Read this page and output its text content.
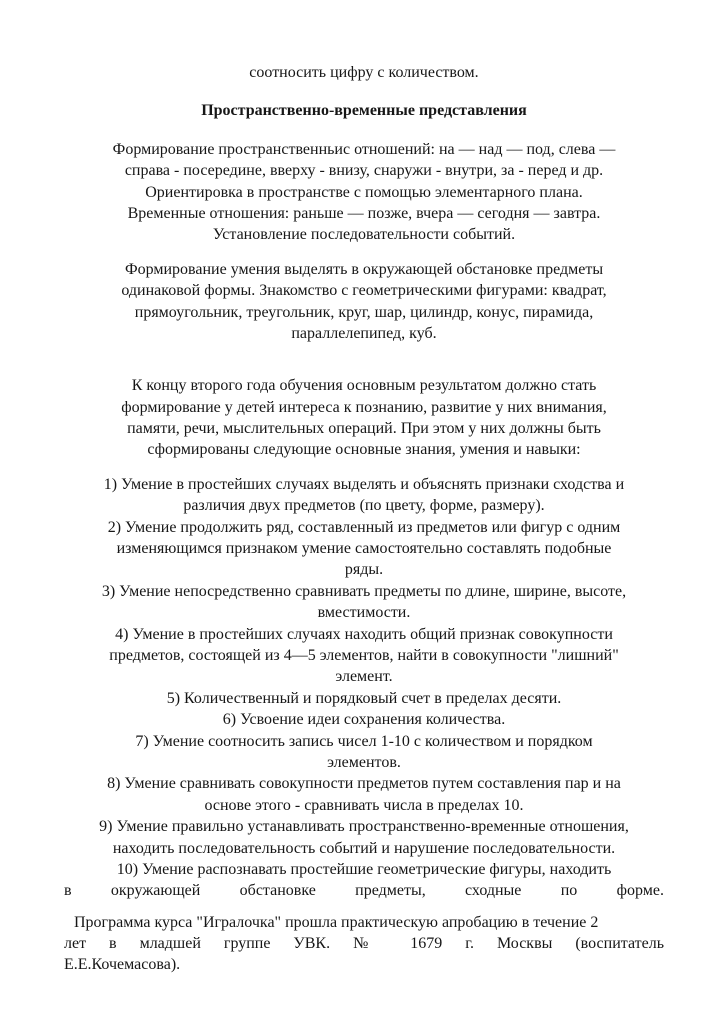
соотносить цифру с количеством.
Пространственно-временные представления
Формирование пространственньис отношений: на — над — под, слева —
справа - посередине, вверху - внизу, снаружи - внутри, за - перед и др.
Ориентировка в пространстве с помощью элементарного плана.
Временные отношения: раньше — позже, вчера — сегодня — завтра.
Установление последовательности событий.
Формирование умения выделять в окружающей обстановке предметы
одинаковой формы. Знакомство с геометрическими фигурами: квадрат,
прямоугольник, треугольник, круг, шар, цилиндр, конус, пирамида,
параллелепипед, куб.
К концу второго года обучения основным результатом должно стать
формирование у детей интереса к познанию, развитие у них внимания,
памяти, речи, мыслительных операций. При этом у них должны быть
сформированы следующие основные знания, умения и навыки:
1) Умение в простейших случаях выделять и объяснять признаки сходства и
различия двух предметов (по цвету, форме, размеру).
2) Умение продолжить ряд, составленный из предметов или фигур с одним
изменяющимся признаком умение самостоятельно составлять подобные
ряды.
3) Умение непосредственно сравнивать предметы по длине, ширине, высоте,
вместимости.
4) Умение в простейших случаях находить общий признак совокупности
предметов, состоящей из 4—5 элементов, найти в совокупности "лишний"
элемент.
5) Количественный и порядковый счет в пределах десяти.
6) Усвоение идеи сохранения количества.
7) Умение соотносить запись чисел 1-10 с количеством и порядком
элементов.
8) Умение сравнивать совокупности предметов путем составления пар и на
основе этого - сравнивать числа в пределах 10.
9) Умение правильно устанавливать пространственно-временные отношения,
находить последовательность событий и нарушение последовательности.
10) Умение распознавать простейшие геометрические фигуры, находить
в окружающей обстановке предметы, сходные по форме.
Программа курса "Игралочка" прошла практическую апробацию в течение 2
лет в младшей группе УВК. № 1679 г. Москвы (воспитатель
Е.Е.Кочемасова).
